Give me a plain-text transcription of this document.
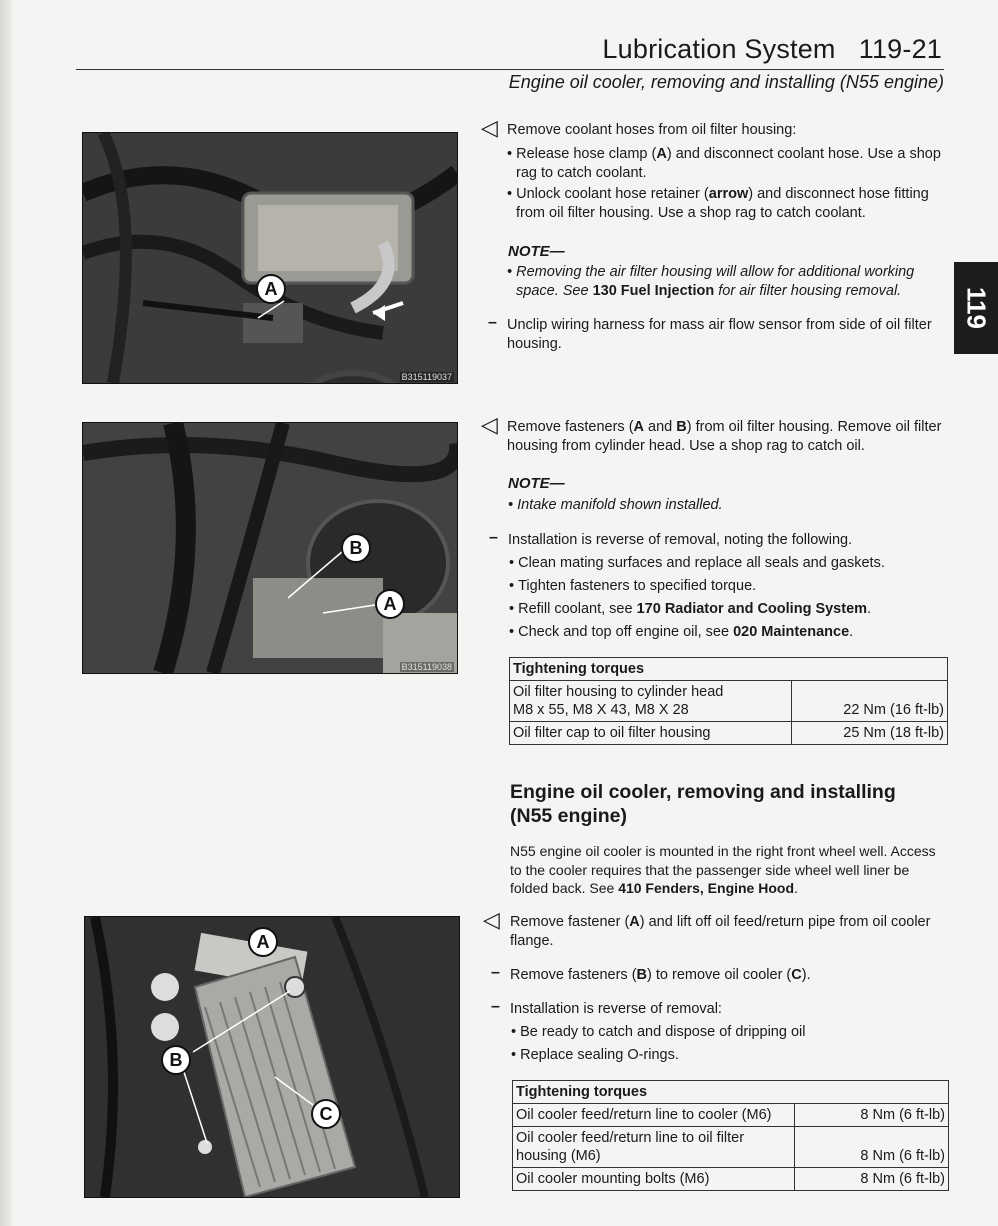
Lubrication System   119-21
Engine oil cooler, removing and installing (N55 engine)
119
A
B315119037
B
A
B315119038
A
B
C
◁ Remove coolant hoses from oil filter housing:
• Release hose clamp (A) and disconnect coolant hose. Use a shop rag to catch coolant.
• Unlock coolant hose retainer (arrow) and disconnect hose fitting from oil filter housing. Use a shop rag to catch coolant.
NOTE—
• Removing the air filter housing will allow for additional working space. See 130 Fuel Injection for air filter housing removal.
– Unclip wiring harness for mass air flow sensor from side of oil filter housing.
◁ Remove fasteners (A and B) from oil filter housing. Remove oil filter housing from cylinder head. Use a shop rag to catch oil.
NOTE—
• Intake manifold shown installed.
– Installation is reverse of removal, noting the following.
• Clean mating surfaces and replace all seals and gaskets.
• Tighten fasteners to specified torque.
• Refill coolant, see 170 Radiator and Cooling System.
• Check and top off engine oil, see 020 Maintenance.
Tightening torques	
Oil filter housing to cylinder head
M8 x 55, M8 X 43, M8 X 28	22 Nm (16 ft-lb)
Oil filter cap to oil filter housing	25 Nm (18 ft-lb)
Engine oil cooler, removing and installing (N55 engine)
N55 engine oil cooler is mounted in the right front wheel well. Access to the cooler requires that the passenger side wheel well liner be folded back. See 410 Fenders, Engine Hood.
◁ Remove fastener (A) and lift off oil feed/return pipe from oil cooler flange.
– Remove fasteners (B) to remove oil cooler (C).
– Installation is reverse of removal:
• Be ready to catch and dispose of dripping oil
• Replace sealing O-rings.
Tightening torques	
Oil cooler feed/return line to cooler (M6)	8 Nm (6 ft-lb)
Oil cooler feed/return line to oil filter
housing (M6)	8 Nm (6 ft-lb)
Oil cooler mounting bolts (M6)	8 Nm (6 ft-lb)
